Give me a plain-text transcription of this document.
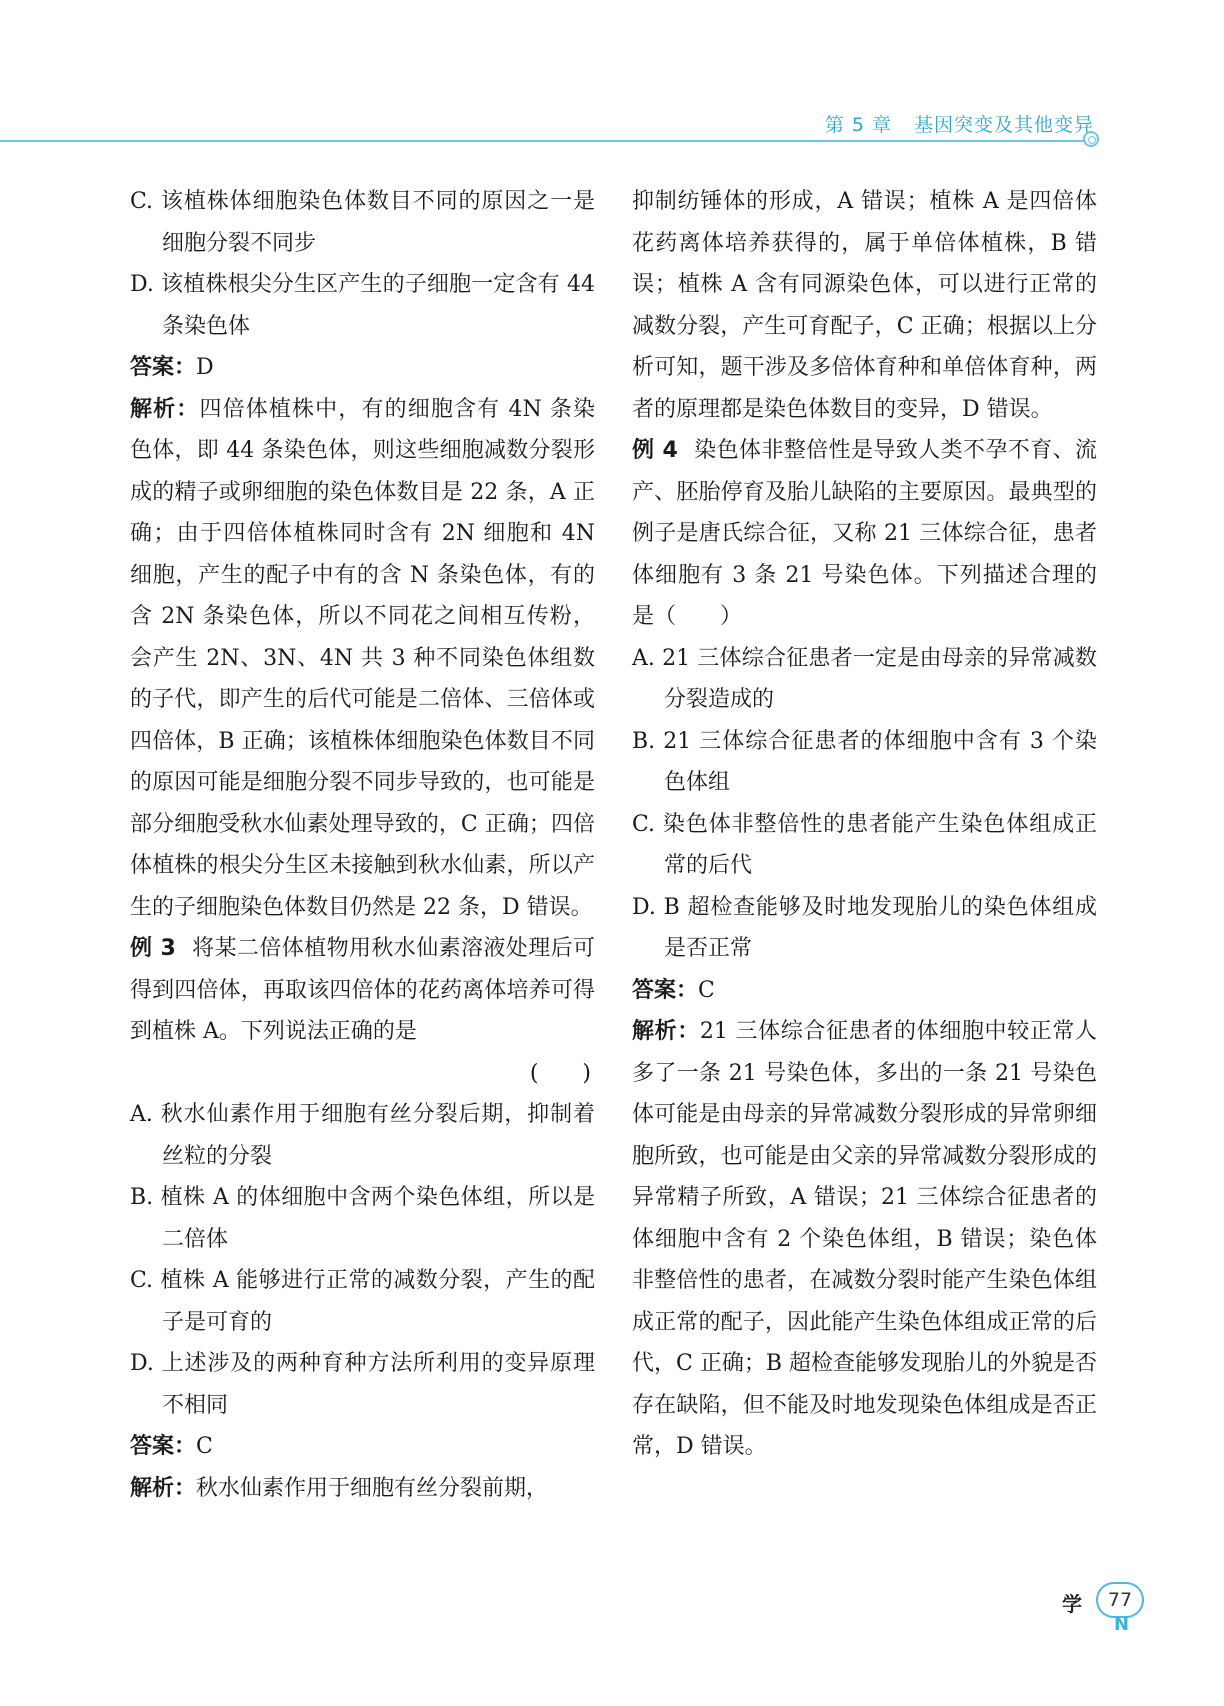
第 5 章 基因突变及其他变异

C. 该植株体细胞染色体数目不同的原因之一是细胞分裂不同步

D. 该植株根尖分生区产生的子细胞一定含有 44 条染色体

答案：D

解析：四倍体植株中，有的细胞含有 4N 条染色体，即 44 条染色体，则这些细胞减数分裂形成的精子或卵细胞的染色体数目是 22 条，A 正确；由于四倍体植株同时含有 2N 细胞和 4N 细胞，产生的配子中有的含 N 条染色体，有的含 2N 条染色体，所以不同花之间相互传粉，会产生 2N、3N、4N 共 3 种不同染色体组数的子代，即产生的后代可能是二倍体、三倍体或四倍体，B 正确；该植株体细胞染色体数目不同的原因可能是细胞分裂不同步导致的，也可能是部分细胞受秋水仙素处理导致的，C 正确；四倍体植株的根尖分生区未接触到秋水仙素，所以产生的子细胞染色体数目仍然是 22 条，D 错误。

例 3 将某二倍体植物用秋水仙素溶液处理后可得到四倍体，再取该四倍体的花药离体培养可得到植株 A。下列说法正确的是

(　　)

A. 秋水仙素作用于细胞有丝分裂后期，抑制着丝粒的分裂

B. 植株 A 的体细胞中含两个染色体组，所以是二倍体

C. 植株 A 能够进行正常的减数分裂，产生的配子是可育的

D. 上述涉及的两种育种方法所利用的变异原理不相同

答案：C

解析：秋水仙素作用于细胞有丝分裂前期，

抑制纺锤体的形成，A 错误；植株 A 是四倍体花药离体培养获得的，属于单倍体植株，B 错误；植株 A 含有同源染色体，可以进行正常的减数分裂，产生可育配子，C 正确；根据以上分析可知，题干涉及多倍体育种和单倍体育种，两者的原理都是染色体数目的变异，D 错误。

例 4 染色体非整倍性是导致人类不孕不育、流产、胚胎停育及胎儿缺陷的主要原因。最典型的例子是唐氏综合征，又称 21 三体综合征，患者体细胞有 3 条 21 号染色体。下列描述合理的是（　　）

A. 21 三体综合征患者一定是由母亲的异常减数分裂造成的

B. 21 三体综合征患者的体细胞中含有 3 个染色体组

C. 染色体非整倍性的患者能产生染色体组成正常的后代

D. B 超检查能够及时地发现胎儿的染色体组成是否正常

答案：C

解析：21 三体综合征患者的体细胞中较正常人多了一条 21 号染色体，多出的一条 21 号染色体可能是由母亲的异常减数分裂形成的异常卵细胞所致，也可能是由父亲的异常减数分裂形成的异常精子所致，A 错误；21 三体综合征患者的体细胞中含有 2 个染色体组，B 错误；染色体非整倍性的患者，在减数分裂时能产生染色体组成正常的配子，因此能产生染色体组成正常的后代，C 正确；B 超检查能够发现胎儿的外貌是否存在缺陷，但不能及时地发现染色体组成是否正常，D 错误。

学	77
N
